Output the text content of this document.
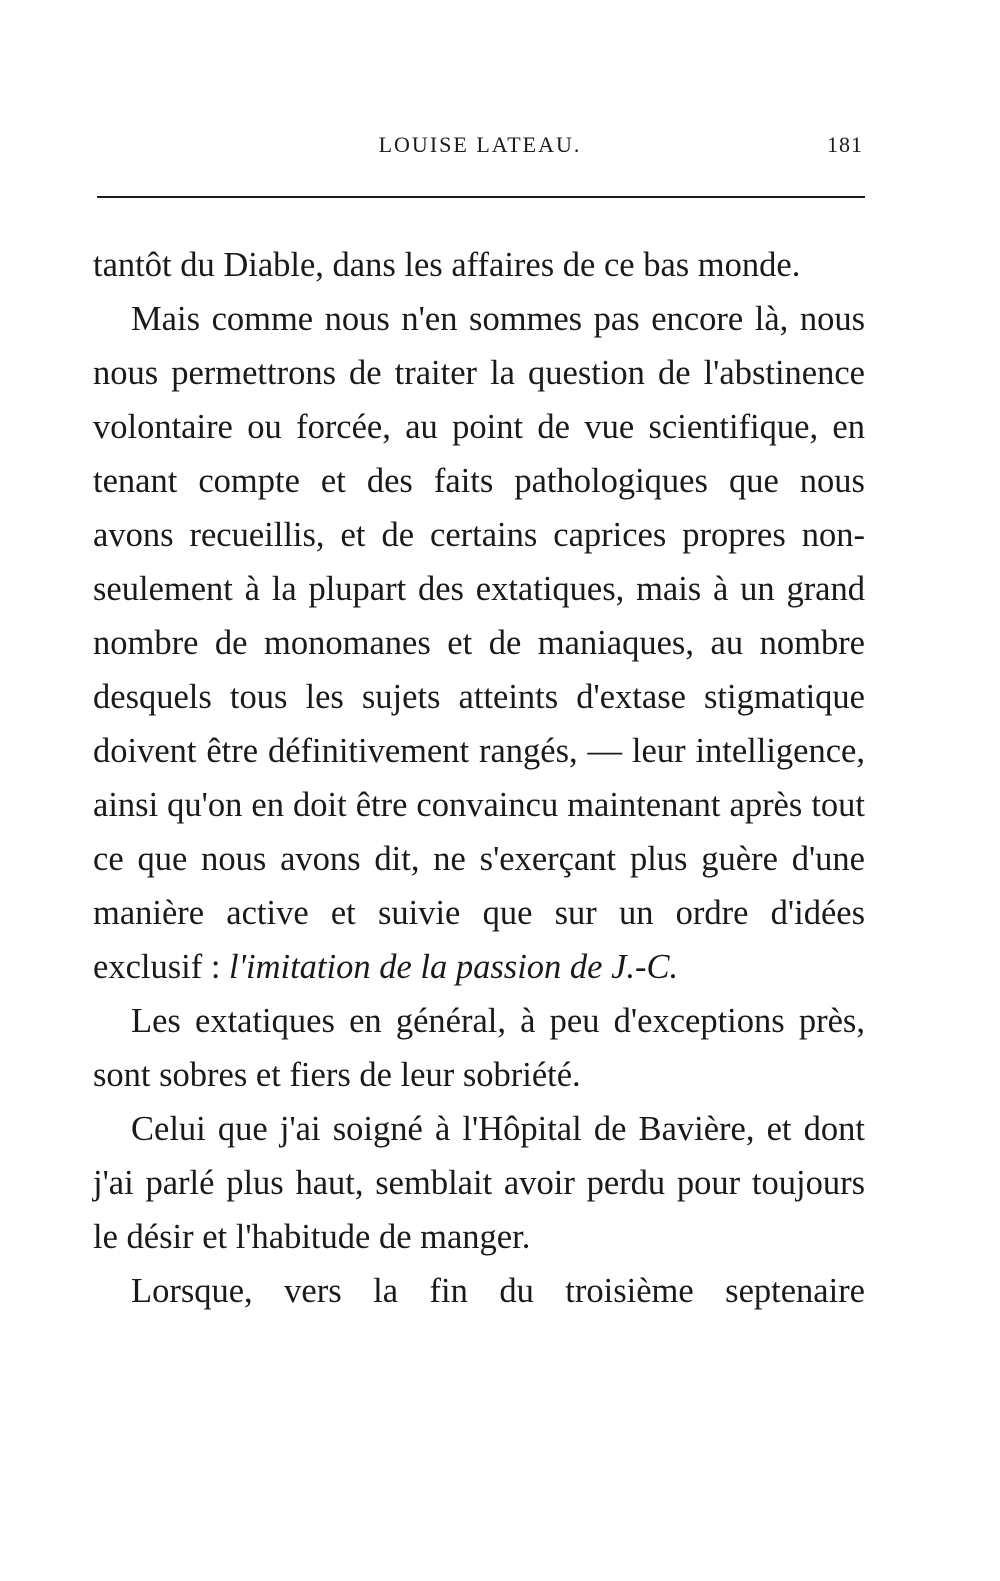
LOUISE LATEAU.	181

tantôt du Diable, dans les affaires de ce bas monde.

Mais comme nous n'en sommes pas encore là, nous nous permettrons de traiter la question de l'abstinence volontaire ou forcée, au point de vue scientifique, en tenant compte et des faits pathologiques que nous avons recueillis, et de certains caprices propres non-seulement à la plupart des extatiques, mais à un grand nombre de monomanes et de maniaques, au nombre desquels tous les sujets atteints d'extase stigmatique doivent être définitivement rangés, — leur intelligence, ainsi qu'on en doit être convaincu maintenant après tout ce que nous avons dit, ne s'exerçant plus guère d'une manière active et suivie que sur un ordre d'idées exclusif : l'imitation de la passion de J.-C.

Les extatiques en général, à peu d'exceptions près, sont sobres et fiers de leur sobriété.

Celui que j'ai soigné à l'Hôpital de Bavière, et dont j'ai parlé plus haut, semblait avoir perdu pour toujours le désir et l'habitude de manger.

Lorsque, vers la fin du troisième septenaire
